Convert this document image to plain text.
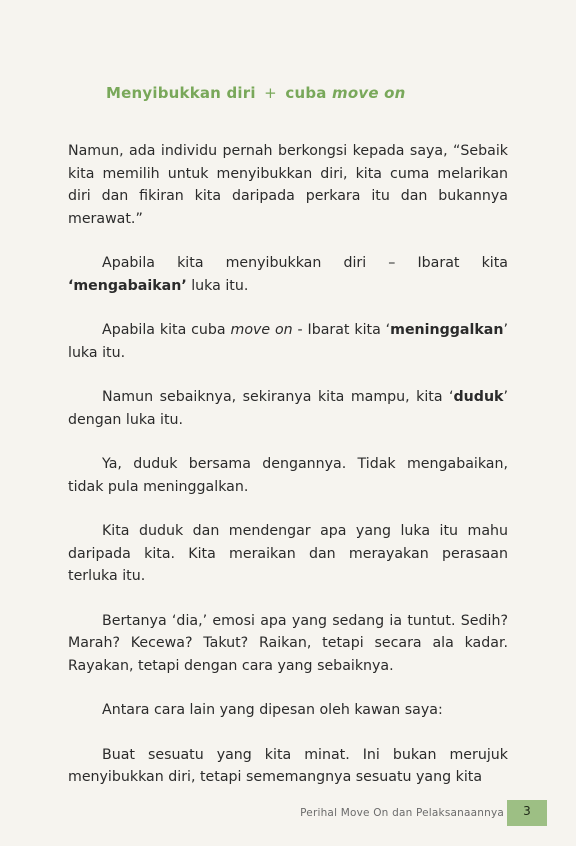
Menyibukkan diri + cuba move on

Namun, ada individu pernah berkongsi kepada saya, “Sebaik kita memilih untuk menyibukkan diri, kita cuma melarikan diri dan fikiran kita daripada perkara itu dan bukannya merawat.”

Apabila kita menyibukkan diri – Ibarat kita ‘mengabaikan’ luka itu.

Apabila kita cuba move on - Ibarat kita ‘meninggalkan’ luka itu.

Namun sebaiknya, sekiranya kita mampu, kita ‘duduk’ dengan luka itu.

Ya, duduk bersama dengannya. Tidak mengabaikan, tidak pula meninggalkan.

Kita duduk dan mendengar apa yang luka itu mahu daripada kita. Kita meraikan dan merayakan perasaan terluka itu.

Bertanya ‘dia,’ emosi apa yang sedang ia tuntut. Sedih? Marah? Kecewa? Takut? Raikan, tetapi secara ala kadar. Rayakan, tetapi dengan cara yang sebaiknya.

Antara cara lain yang dipesan oleh kawan saya:

Buat sesuatu yang kita minat. Ini bukan merujuk menyibukkan diri, tetapi sememangnya sesuatu yang kita

Perihal Move On dan Pelaksanaannya	3
